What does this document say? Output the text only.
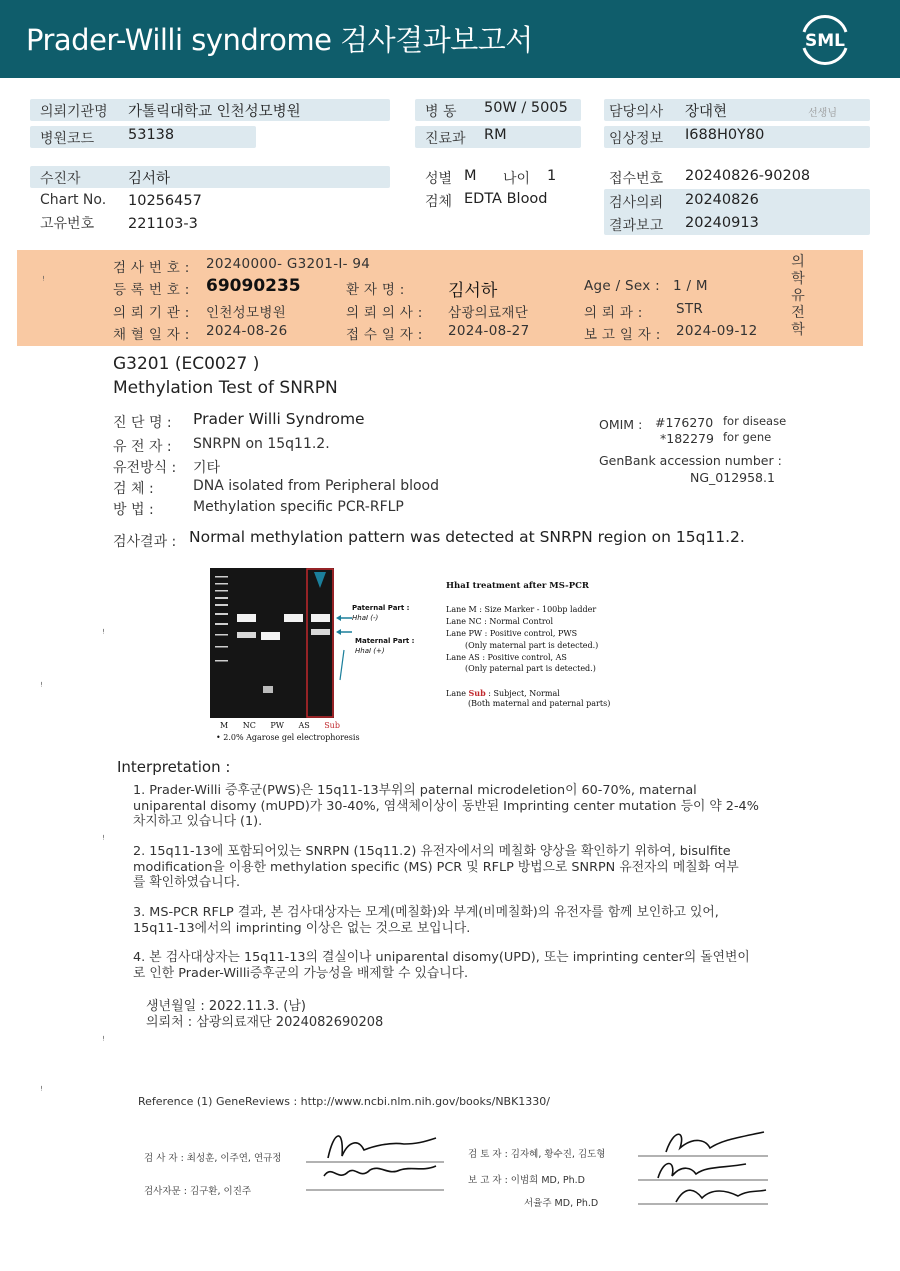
Prader-Willi syndrome 검사결과보고서	SML
의뢰기관명 가톨릭대학교 인천성모병원
병원코드 53138
병 동 50W / 5005
진료과 RM
담당의사 장대현	선생님
임상정보 I688H0Y80
수진자	김서하
Chart No. 10256457
고유번호 221103-3
성별 M 나이 1
검체 EDTA Blood
접수번호 20240826-90208
검사의뢰 20240826
결과보고 20240913
ꜝ
검 사 번 호 : 20240000- G3201-I- 94
등 록 번 호 : 69090235	환 자 명 :	김서하	Age / Sex : 1 / M
의 뢰 기 관 : 인천성모병원	의 뢰 의 사 : 삼광의료재단	의 뢰 과 : STR
채 혈 일 자 : 2024-08-26	접 수 일 자 : 2024-08-27	보 고 일 자 : 2024-09-12
의
학
유
전
학
G3201 (EC0027 )
Methylation Test of SNRPN
진 단 명 : Prader Willi Syndrome
유 전 자 : SNRPN on 15q11.2.
유전방식 : 기타
검 체 :	DNA isolated from Peripheral blood
방 법 :	Methylation specific PCR-RFLP
OMIM : #176270 for disease
*182279 for gene
GenBank accession number :
NG_012958.1
검사결과 : Normal methylation pattern was detected at SNRPN region on 15q11.2.
M NC PW AS Sub
• 2.0% Agarose gel electrophoresis
Paternal Part :
HhaI (-)
Maternal Part :
HhaI (+)
HhaI treatment after MS-PCR
Lane M : Size Marker - 100bp ladder
Lane NC : Normal Control
Lane PW : Positive control, PWS
(Only maternal part is detected.)
Lane AS : Positive control, AS
(Only paternal part is detected.)
Lane Sub : Subject, Normal
(Both maternal and paternal parts)
Interpretation :
1. Prader-Willi 증후군(PWS)은 15q11-13부위의 paternal microdeletion이 60-70%, maternal
uniparental disomy (mUPD)가 30-40%, 염색체이상이 동반된 Imprinting center mutation 등이 약 2-4%
차지하고 있습니다 (1).
2. 15q11-13에 포함되어있는 SNRPN (15q11.2) 유전자에서의 메칠화 양상을 확인하기 위하여, bisulfite
modification을 이용한 methylation specific (MS) PCR 및 RFLP 방법으로 SNRPN 유전자의 메칠화 여부
를 확인하였습니다.
3. MS-PCR RFLP 결과, 본 검사대상자는 모계(메칠화)와 부계(비메칠화)의 유전자를 함께 보인하고 있어,
15q11-13에서의 imprinting 이상은 없는 것으로 보입니다.
4. 본 검사대상자는 15q11-13의 결실이나 uniparental disomy(UPD), 또는 imprinting center의 돌연변이
로 인한 Prader-Willi증후군의 가능성을 배제할 수 있습니다.
생년월일 : 2022.11.3. (남)
의뢰처 : 삼광의료재단 2024082690208
ꜝ
ꜝ
ꜝ
ꜝ
ꜝ
Reference (1) GeneReviews : http://www.ncbi.nlm.nih.gov/books/NBK1330/
검 사 자 : 최성훈, 이주연, 연규정
검사자문 : 김구환, 이진주
검 토 자 : 김자혜, 황수진, 김도형
보 고 자 : 이범희 MD, Ph.D
서율주 MD, Ph.D
